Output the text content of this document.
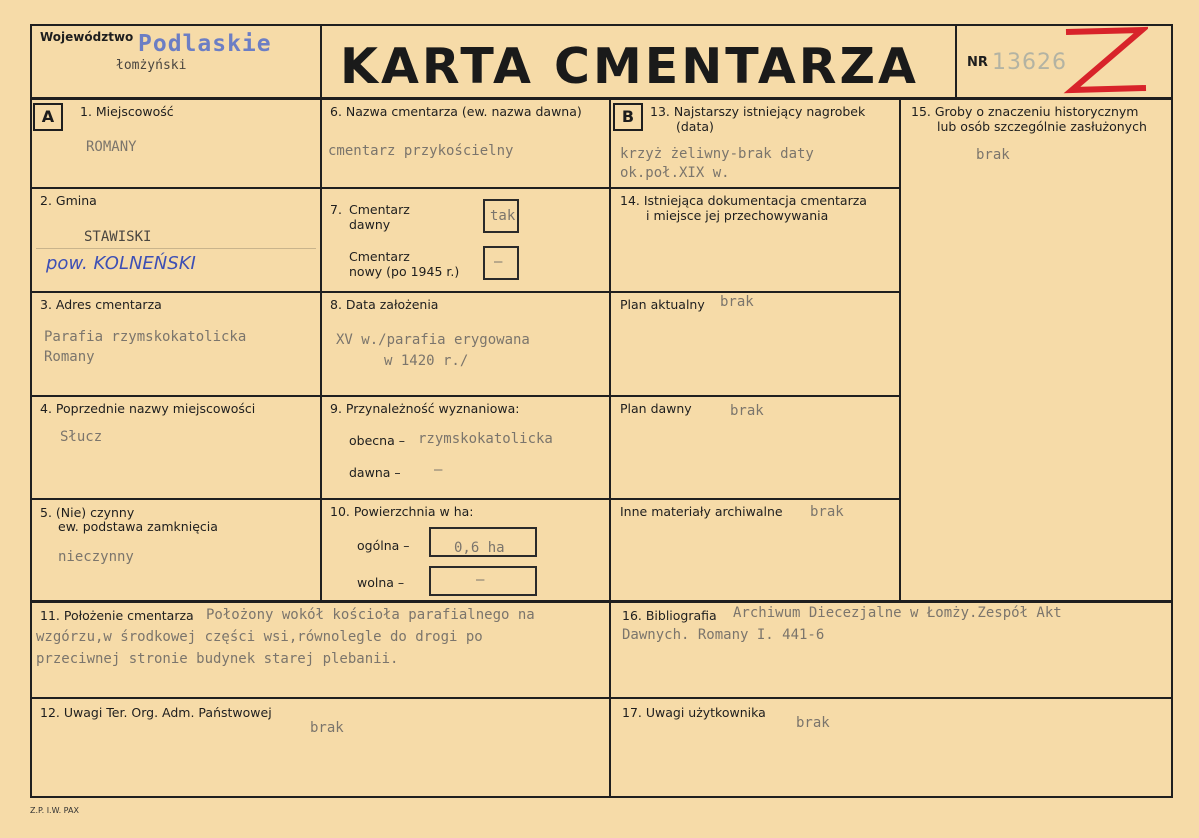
Województwo Podlaskie
łomżyński	KARTA CMENTARZA	NR 13626
A	B
1. Miejscowość
ROMANY
2. Gmina
STAWISKI
pow. KOLNEŃSKI
3. Adres cmentarza
Parafia rzymskokatolicka
Romany
4. Poprzednie nazwy miejscowości
Słucz
5. (Nie) czynny
ew. podstawa zamknięcia
nieczynny
6. Nazwa cmentarza (ew. nazwa dawna)
cmentarz przykościelny
7. Cmentarz
dawny
tak
Cmentarz
nowy (po 1945 r.)
–
8. Data założenia
XV w./parafia erygowana
w 1420 r./
9. Przynależność wyznaniowa:
obecna – rzymskokatolicka
dawna – –
10. Powierzchnia w ha:
ogólna –	0,6 ha
wolna –	–
11. Położenie cmentarza Położony wokół kościoła parafialnego na
wzgórzu,w środkowej części wsi,równolegle do drogi po
przeciwnej stronie budynek starej plebanii.
12. Uwagi Ter. Org. Adm. Państwowej
brak
13. Najstarszy istniejący nagrobek
(data)
krzyż żeliwny-brak daty
ok.poł.XIX w.
14. Istniejąca dokumentacja cmentarza
i miejsce jej przechowywania
Plan aktualny brak
Plan dawny	brak
Inne materiały archiwalne brak
15. Groby o znaczeniu historycznym
lub osób szczególnie zasłużonych
brak
16. Bibliografia Archiwum Diecezjalne w Łomży.Zespół Akt
Dawnych. Romany I. 441-6
17. Uwagi użytkownika
brak
Z.P. I.W. PAX
